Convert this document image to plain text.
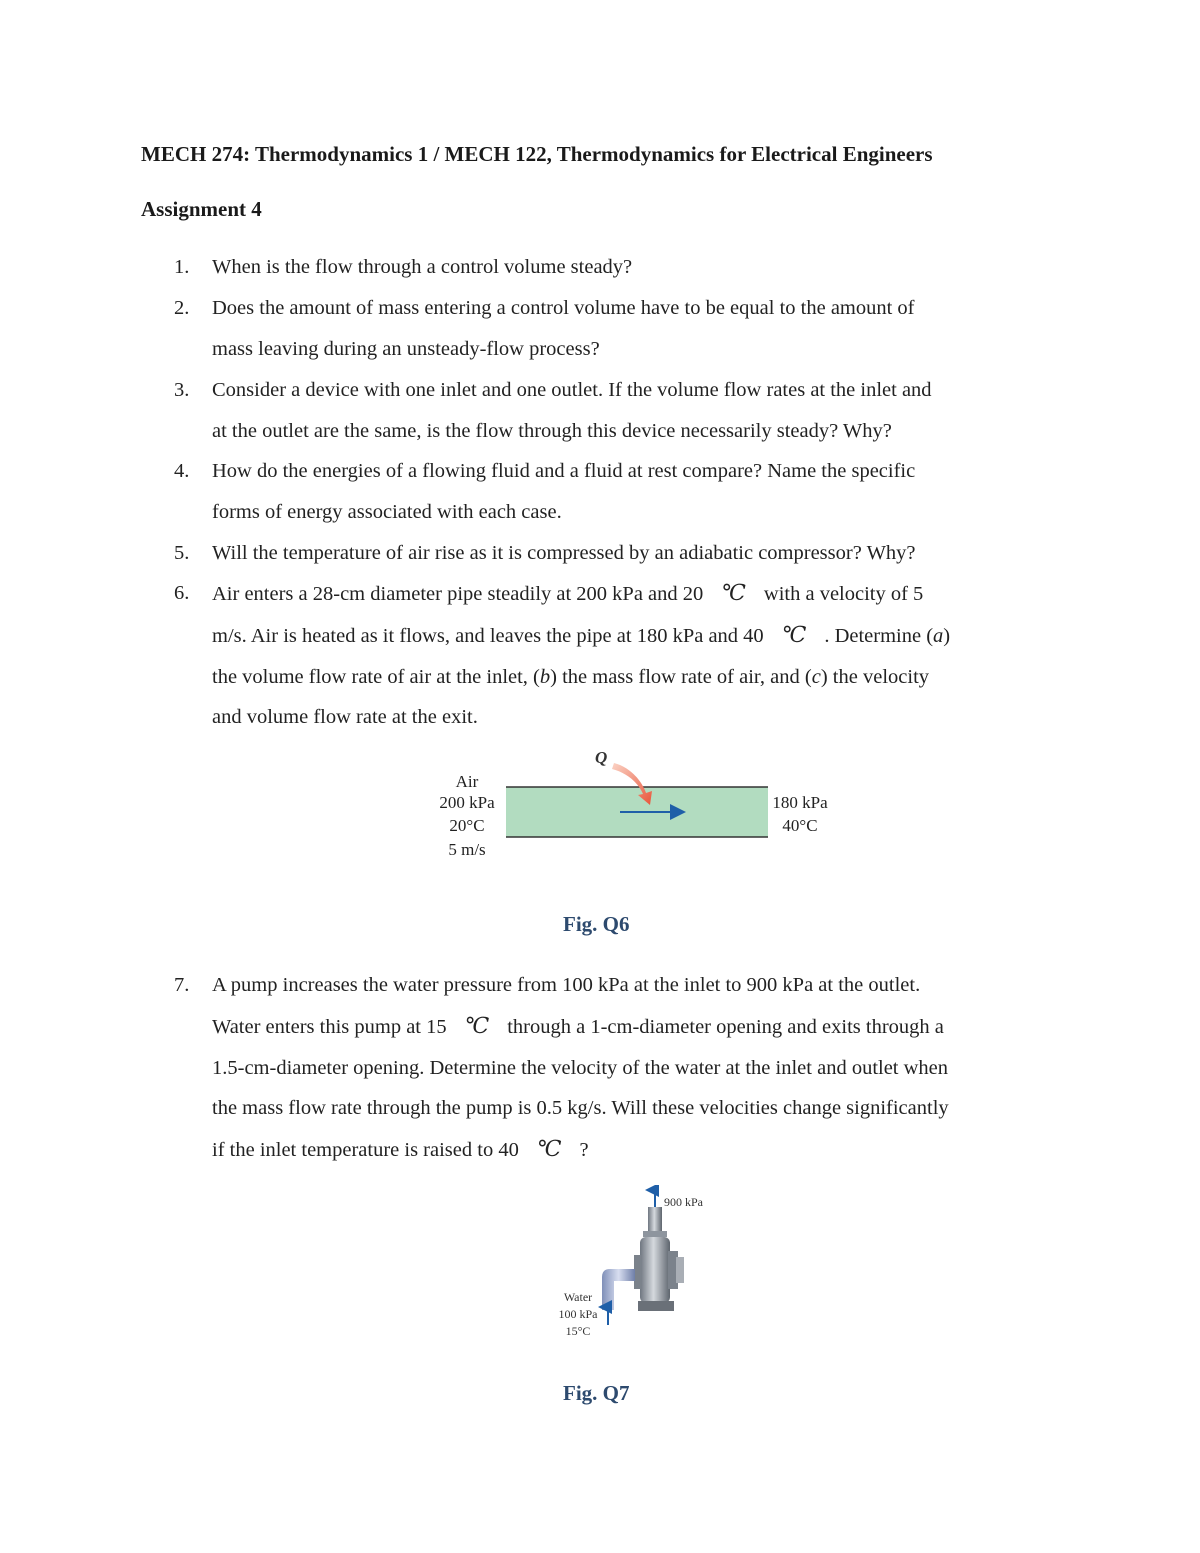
MECH 274: Thermodynamics 1 / MECH 122, Thermodynamics for Electrical Engineers
Assignment 4
1. When is the flow through a control volume steady?
2. Does the amount of mass entering a control volume have to be equal to the amount of
mass leaving during an unsteady-flow process?
3. Consider a device with one inlet and one outlet. If the volume flow rates at the inlet and
at the outlet are the same, is the flow through this device necessarily steady? Why?
4. How do the energies of a flowing fluid and a fluid at rest compare? Name the specific
forms of energy associated with each case.
5. Will the temperature of air rise as it is compressed by an adiabatic compressor? Why?
6. Air enters a 28-cm diameter pipe steadily at 200 kPa and 20 ℃ with a velocity of 5
m/s. Air is heated as it flows, and leaves the pipe at 180 kPa and 40 ℃ . Determine (a)
the volume flow rate of air at the inlet, (b) the mass flow rate of air, and (c) the velocity
and volume flow rate at the exit.
Q
Air
200 kPa
20°C
5 m/s
180 kPa
40°C
Fig. Q6
7. A pump increases the water pressure from 100 kPa at the inlet to 900 kPa at the outlet.
Water enters this pump at 15 ℃ through a 1-cm-diameter opening and exits through a
1.5-cm-diameter opening. Determine the velocity of the water at the inlet and outlet when
the mass flow rate through the pump is 0.5 kg/s. Will these velocities change significantly
if the inlet temperature is raised to 40 ℃ ?
900 kPa
Water
100 kPa
15°C
Fig. Q7
